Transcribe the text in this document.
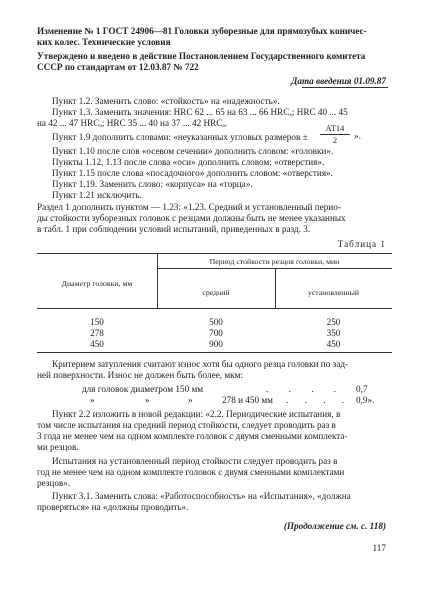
Изменение № 1 ГОСТ 24906—81 Головки зуборезные для прямозубых коничес-
ких колес. Технические условия
Утверждено и введено в действие Постановлением Государственного комитета
СССР по стандартам от 12.03.87 № 722
Дата введения 01.09.87
Пункт 1.2. Заменить слово: «стойкость» на «надежность».
Пункт 1.3. Заменить значения: HRC 62 ... 65 на 63 ... 66 HRCₐ; HRC 40 ... 45
на 42 ... 47 HRCₐ; HRC 35 ... 40 на 37 ... 42 HRCₐ.
Пункт 1.9 дополнить словами: «неуказанных угловых размеров ±
AT14
2	».
Пункт 1.10 после слов «осевом сечении» дополнить словом: «головки».
Пункты 1.12, 1.13 после слова «оси» дополнить словом: «отверстия».
Пункт 1.15 после слова «посадочного» дополнить словом: «отверстия».
Пункт 1.19. Заменить слово: «корпуса» на «торца».
Пункт 1.21 исключить.
Раздел 1 дополнить пунктом — 1.23: «1.23. Средний и установленный перио-
ды стойкости зуборезных головок с резцами должны быть не менее указанных
в табл. 1 при соблюдении условий испытаний, приведенных в разд. 3.
Таблица 1
Диаметр головки, мм
Период стойкости резцов головки, мин
средний	установленный
150	500	250
278	700	350
450	900	450
Критерием затупления считают износ хотя бы одного резца головки по зад-
ней поверхности. Износ не должен быть более, мкм:
для головок диаметром 150 мм	. . . . 0,7
»	»	»	278 и 450 мм . . . . 0,9».
Пункт 2.2 изложить в новой редакции: «2.2. Периодические испытания, в
том числе испытания на средний период стойкости, следует проводить раз в
3 года не менее чем на одном комплекте головок с двумя сменными комплекта-
ми резцов.
Испытания на установленный период стойкости следует проводить раз в
год не менее чем на одном комплекте головок с двумя сменными комплектами
резцов».
Пункт 3.1. Заменить слова: «Работоспособность» на «Испытания», «должна
проверяться» на «должны проводить».
(Продолжение см. с. 118)
117
